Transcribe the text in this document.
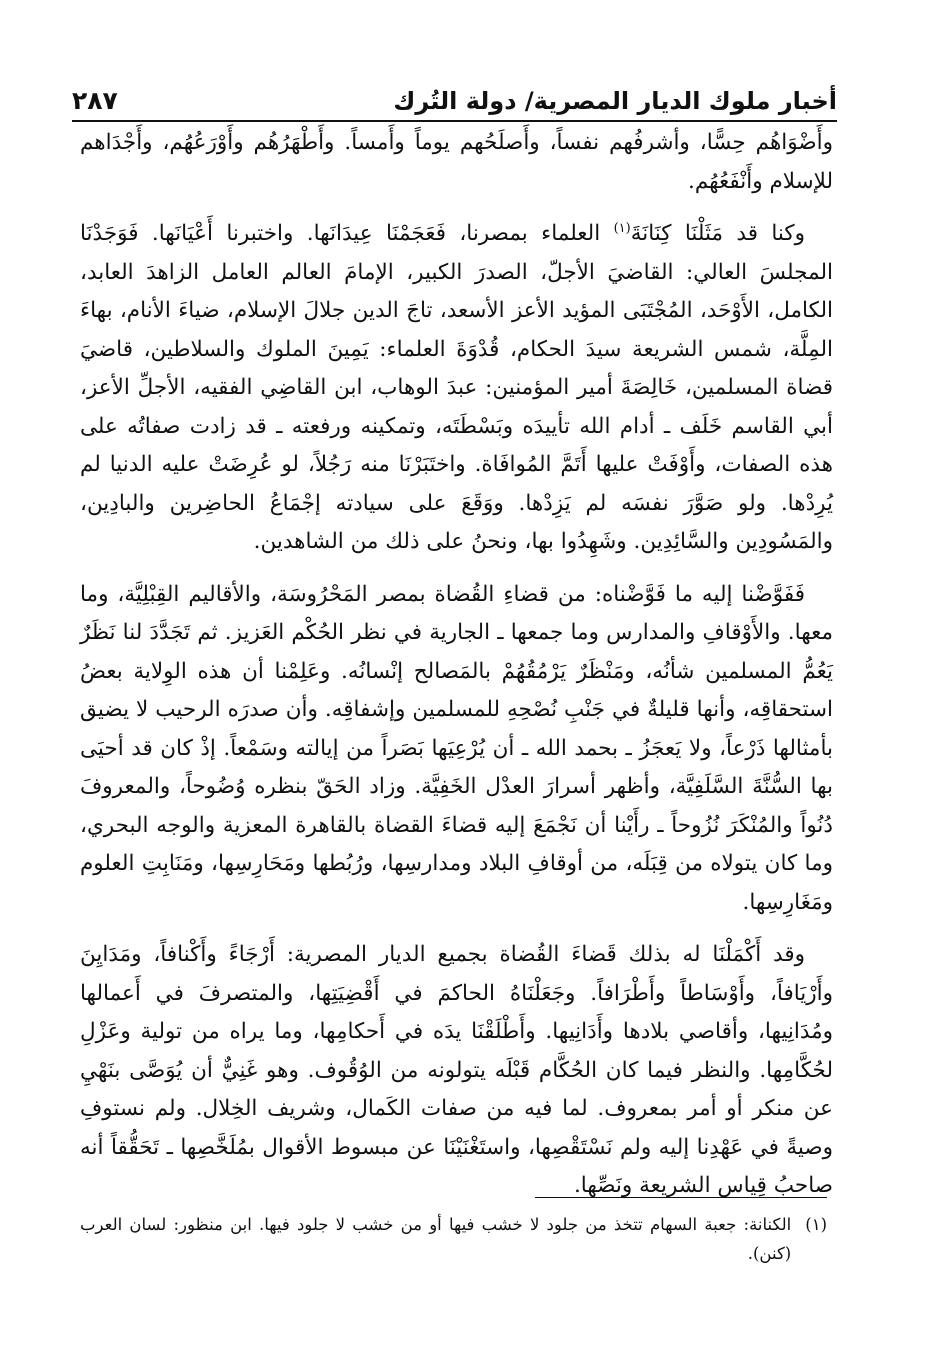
أخبار ملوك الديار المصرية/ دولة التُرك
٢٨٧

وأَضْوَاهُم حِسًّا، وأشرفُهم نفساً، وأَصلَحُهم يوماً وأَمساً. وأَطْهَرُهُم وأَوْرَعُهُم، وأَجْدَاهم للإسلام وأَنْفَعُهُم.

وكنا قد مَثَلْنَا كِنَانَةَ$^{(١)}$ العلماء بمصرنا، فَعَجَمْنَا عِيدَانَها. واختبرنا أَعْيَانَها. فَوَجَدْنَا المجلسَ العالي: القاضيَ الأجلّ، الصدرَ الكبير، الإمامَ العالم العامل الزاهدَ العابد، الكامل، الأَوْحَد، المُجْتَبَى المؤيد الأعز الأسعد، تاجَ الدين جلالَ الإسلام، ضياءَ الأنام، بهاءَ المِلَّة، شمس الشريعة سيدَ الحكام، قُدْوَةَ العلماء: يَمِينَ الملوك والسلاطين، قاضيَ قضاة المسلمين، خَالِصَةَ أمير المؤمنين: عبدَ الوهاب، ابن القاضِي الفقيه، الأجلِّ الأعز، أبي القاسم خَلَف ـ أدام الله تأييدَه وبَسْطَتَه، وتمكينه ورفعته ـ قد زادت صفاتُه على هذه الصفات، وأَوْفَتْ عليها أَتَمَّ المُوافَاة. واختَبَرْنَا منه رَجُلاً، لو عُرِضَتْ عليه الدنيا لم يُرِدْها. ولو صَوَّرَ نفسَه لم يَزِدْها. ووَقَعَ على سيادته إجْمَاعُ الحاضِرين والبادِين، والمَسُودِين والسَّائِدِين. وشَهِدُوا بها، ونحنُ على ذلك من الشاهدين.

فَفَوَّضْنا إليه ما فَوَّضْناه: من قضاءِ القُضاة بمصر المَحْرُوسَة، والأقاليم القِبْلِيَّة، وما معها. والأَوْقافِ والمدارس وما جمعها ـ الجارية في نظر الحُكْم العَزيز. ثم تَجَدَّدَ لنا نَظَرٌ يَعُمُّ المسلمين شأنُه، ومَنْظَرٌ يَرْمُقُهُمْ بالمَصالح إنْسانُه. وعَلِمْنا أن هذه الوِلاية بعضُ استحقاقِه، وأنها قليلةٌ في جَنْبِ نُصْحِهِ للمسلمين وإشفاقِه. وأن صدرَه الرحيب لا يضيق بأمثالها ذَرْعاً، ولا يَعجَزُ ـ بحمد الله ـ أن يُرْعِيَها بَصَراً من إيالته وسَمْعاً. إذْ كان قد أحيَى بها السُّنَّةَ السَّلَفِيَّة، وأظهر أسرارَ العدْل الخَفِيَّة. وزاد الحَقّ بنظره وُضُوحاً، والمعروفَ دُنُواً والمُنْكَرَ نُزُوحاً ـ رأَيْنا أن نَجْمَعَ إليه قضاءَ القضاة بالقاهرة المعزية والوجه البحري، وما كان يتولاه من قِبَلَه، من أوقافِ البلاد ومدارسِها، ورُبُطها ومَحَارِسِها، ومَنَابِتِ العلوم ومَغَارِسِها.

وقد أَكْمَلْنَا له بذلك قَضاءَ القُضاة بجميع الديار المصرية: أَرْجَاءً وأَكْنافاً، ومَدَايِنَ وأَرْيَافاً، وأَوْسَاطاً وأَطْرَافاً. وجَعَلْنَاهُ الحاكمَ في أَقْضِيَتِها، والمتصرفَ في أَعمالها ومُدَانِيها، وأقاصي بلادها وأَدَانِيها. وأَطْلَقْنَا يدَه في أَحكامِها، وما يراه من تولية وعَزْلِ لحُكَّامِها. والنظر فيما كان الحُكَّام قَبْلَه يتولونه من الوُقُوف. وهو غَنِيٌّ أن يُوَصَّى بنَهْيِ عن منكر أو أمر بمعروف. لما فيه من صفات الكَمال، وشريف الخِلال. ولم نستوفِ وصيةً في عَهْدِنا إليه ولم نَسْتَقْصِها، واستَغْنَيْنَا عن مبسوط الأقوال بمُلَخَّصِها ـ تَحَقُّقاً أنه صاحبُ قِياس الشريعة ونَصِّها.

(١)
الكنانة: جعبة السهام تتخذ من جلود لا خشب فيها أو من خشب لا جلود فيها. ابن منظور: لسان العرب (كنن).
